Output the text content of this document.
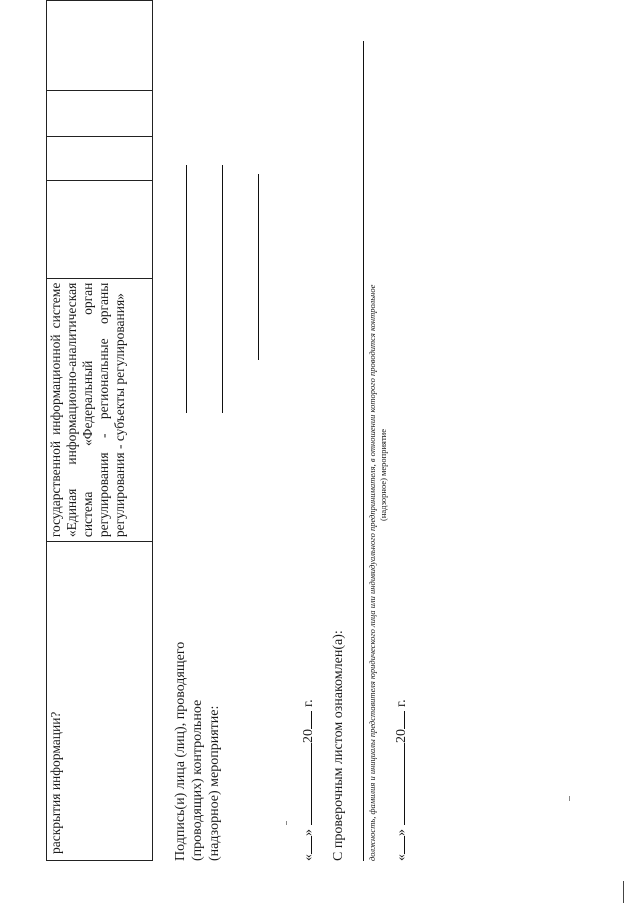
раскрытия информации?	государственной информационной системе «Единая информационно-аналитическая система «Федеральный орган регулирования - региональные органы регулирования - субъекты регулирования»				
Подпись(и) лица (лиц), проводящего (проводящих) контрольное (надзорное) мероприятие:	«»20г. С проверочным листом ознакомлен(а): должность, фамилия и инициалы представителя юридического лица или индивидуального предпринимателя, в отношении которого проводится контрольное (надзорное) мероприятие
«»20г.
